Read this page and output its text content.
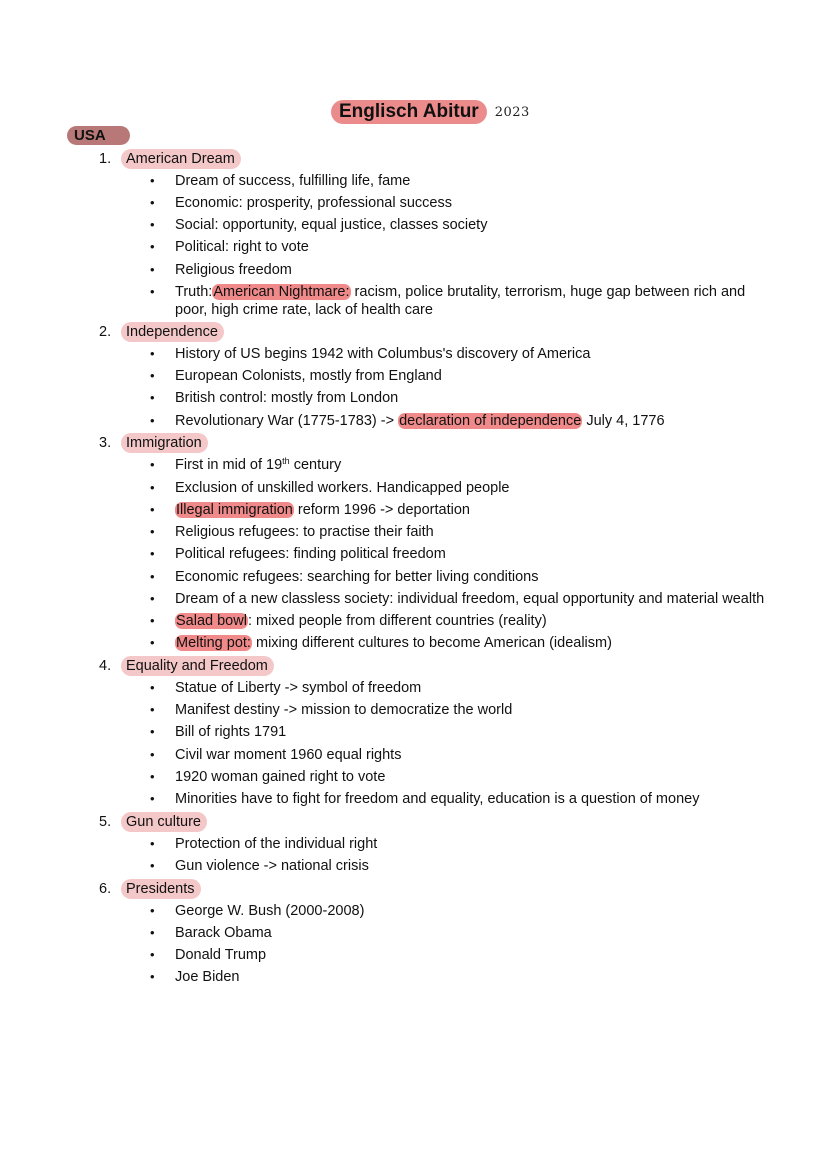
Englisch Abitur	2023
USA
1.	American Dream
• Dream of success, fulfilling life, fame
• Economic: prosperity, professional success
• Social: opportunity, equal justice, classes society
• Political: right to vote
• Religious freedom
• Truth:American Nightmare: racism, police brutality, terrorism, huge gap between rich and
poor, high crime rate, lack of health care
2.	Independence
• History of US begins 1942 with Columbus's discovery of America
• European Colonists, mostly from England
• British control: mostly from London
• Revolutionary War (1775-1783) -> declaration of independence July 4, 1776
3.	Immigration
• First in mid of 19th century
• Exclusion of unskilled workers. Handicapped people
• Illegal immigration reform 1996 -> deportation
• Religious refugees: to practise their faith
• Political refugees: finding political freedom
• Economic refugees: searching for better living conditions
• Dream of a new classless society: individual freedom, equal opportunity and material wealth
• Salad bowl: mixed people from different countries (reality)
• Melting pot: mixing different cultures to become American (idealism)
4.	Equality and Freedom
• Statue of Liberty -> symbol of freedom
• Manifest destiny -> mission to democratize the world
• Bill of rights 1791
• Civil war moment 1960 equal rights
• 1920 woman gained right to vote
• Minorities have to fight for freedom and equality, education is a question of money
5.	Gun culture
• Protection of the individual right
• Gun violence -> national crisis
6.	Presidents
• George W. Bush (2000-2008)
• Barack Obama
• Donald Trump
• Joe Biden
